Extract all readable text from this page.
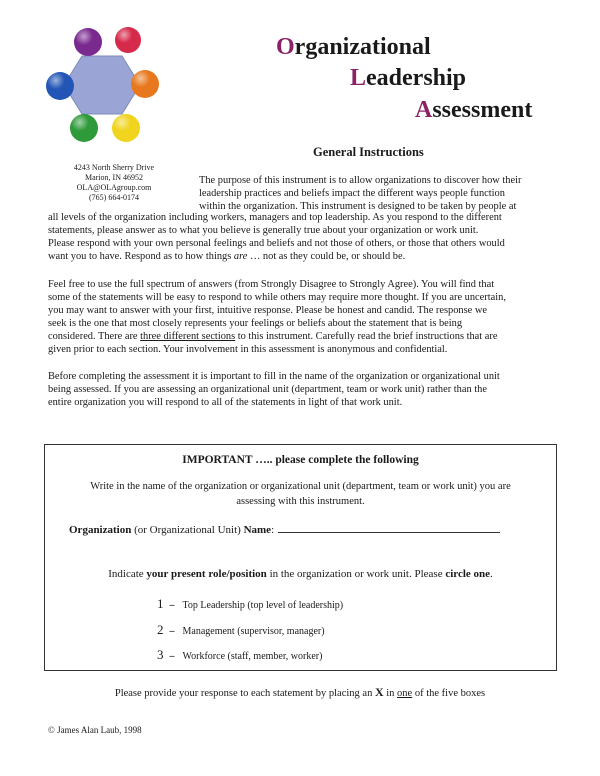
4243 North Sherry Drive
Marion, IN 46952
OLA@OLAgroup.com
(765) 664-0174
Organizational
Leadership
Assessment
General Instructions
The purpose of this instrument is to allow organizations to discover how their
leadership practices and beliefs impact the different ways people function
within the organization. This instrument is designed to be taken by people at
all levels of the organization including workers, managers and top leadership. As you respond to the different
statements, please answer as to what you believe is generally true about your organization or work unit.
Please respond with your own personal feelings and beliefs and not those of others, or those that others would
want you to have. Respond as to how things are … not as they could be, or should be.
Feel free to use the full spectrum of answers (from Strongly Disagree to Strongly Agree). You will find that
some of the statements will be easy to respond to while others may require more thought. If you are uncertain,
you may want to answer with your first, intuitive response. Please be honest and candid. The response we
seek is the one that most closely represents your feelings or beliefs about the statement that is being
considered. There are three different sections to this instrument. Carefully read the brief instructions that are
given prior to each section. Your involvement in this assessment is anonymous and confidential.
Before completing the assessment it is important to fill in the name of the organization or organizational unit
being assessed. If you are assessing an organizational unit (department, team or work unit) rather than the
entire organization you will respond to all of the statements in light of that work unit.
IMPORTANT ….. please complete the following
Write in the name of the organization or organizational unit (department, team or work unit) you are
assessing with this instrument.
Organization (or Organizational Unit) Name:
Indicate your present role/position in the organization or work unit. Please circle one.
1 – Top Leadership (top level of leadership)
2 – Management (supervisor, manager)
3 – Workforce (staff, member, worker)
Please provide your response to each statement by placing an X in one of the five boxes
© James Alan Laub, 1998
